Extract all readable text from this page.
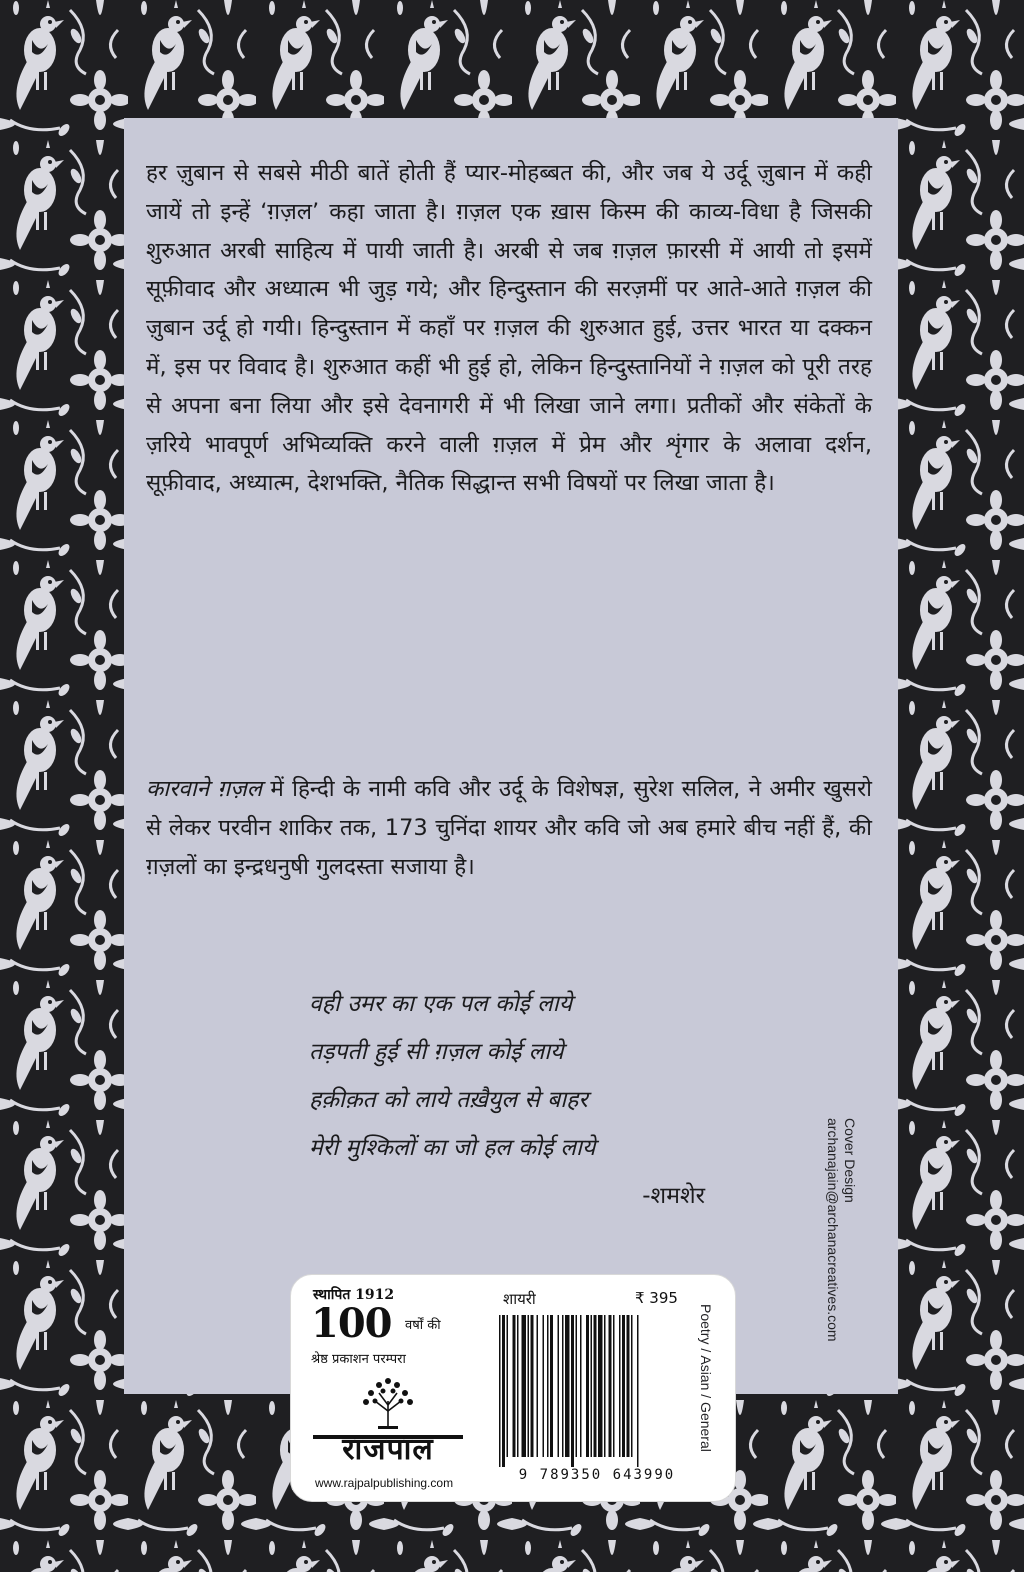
हर ज़ुबान से सबसे मीठी बातें होती हैं प्यार-मोहब्बत की, और जब ये उर्दू ज़ुबान में कही जायें तो इन्हें ‘ग़ज़ल’ कहा जाता है। ग़ज़ल एक ख़ास किस्म की काव्य-विधा है जिसकी शुरुआत अरबी साहित्य में पायी जाती है। अरबी से जब ग़ज़ल फ़ारसी में आयी तो इसमें सूफ़ीवाद और अध्यात्म भी जुड़ गये; और हिन्दुस्तान की सरज़मीं पर आते-आते ग़ज़ल की ज़ुबान उर्दू हो गयी। हिन्दुस्तान में कहाँ पर ग़ज़ल की शुरुआत हुई, उत्तर भारत या दक्कन में, इस पर विवाद है। शुरुआत कहीं भी हुई हो, लेकिन हिन्दुस्तानियों ने ग़ज़ल को पूरी तरह से अपना बना लिया और इसे देवनागरी में भी लिखा जाने लगा। प्रतीकों और संकेतों के ज़रिये भावपूर्ण अभिव्यक्ति करने वाली ग़ज़ल में प्रेम और शृंगार के अलावा दर्शन, सूफ़ीवाद, अध्यात्म, देशभक्ति, नैतिक सिद्धान्त सभी विषयों पर लिखा जाता है।

कारवाने ग़ज़ल में हिन्दी के नामी कवि और उर्दू के विशेषज्ञ, सुरेश सलिल, ने अमीर खुसरो से लेकर परवीन शाकिर तक, 173 चुनिंदा शायर और कवि जो अब हमारे बीच नहीं हैं, की ग़ज़लों का इन्द्रधनुषी गुलदस्ता सजाया है।

वही उमर का एक पल कोई लाये
तड़पती हुई सी ग़ज़ल कोई लाये
हक़ीक़त को लाये तख़ैयुल से बाहर
मेरी मुश्किलों का जो हल कोई लाये
-शमशेर	Cover Design
archanajain@archanacreatives.com
स्थापित 1912
100 वर्षों की
श्रेष्ठ प्रकाशन परम्परा
राजपाल
www.rajpalpublishing.com
शायरी	₹ 395
9 789350 643990
Poetry / Asian / General
